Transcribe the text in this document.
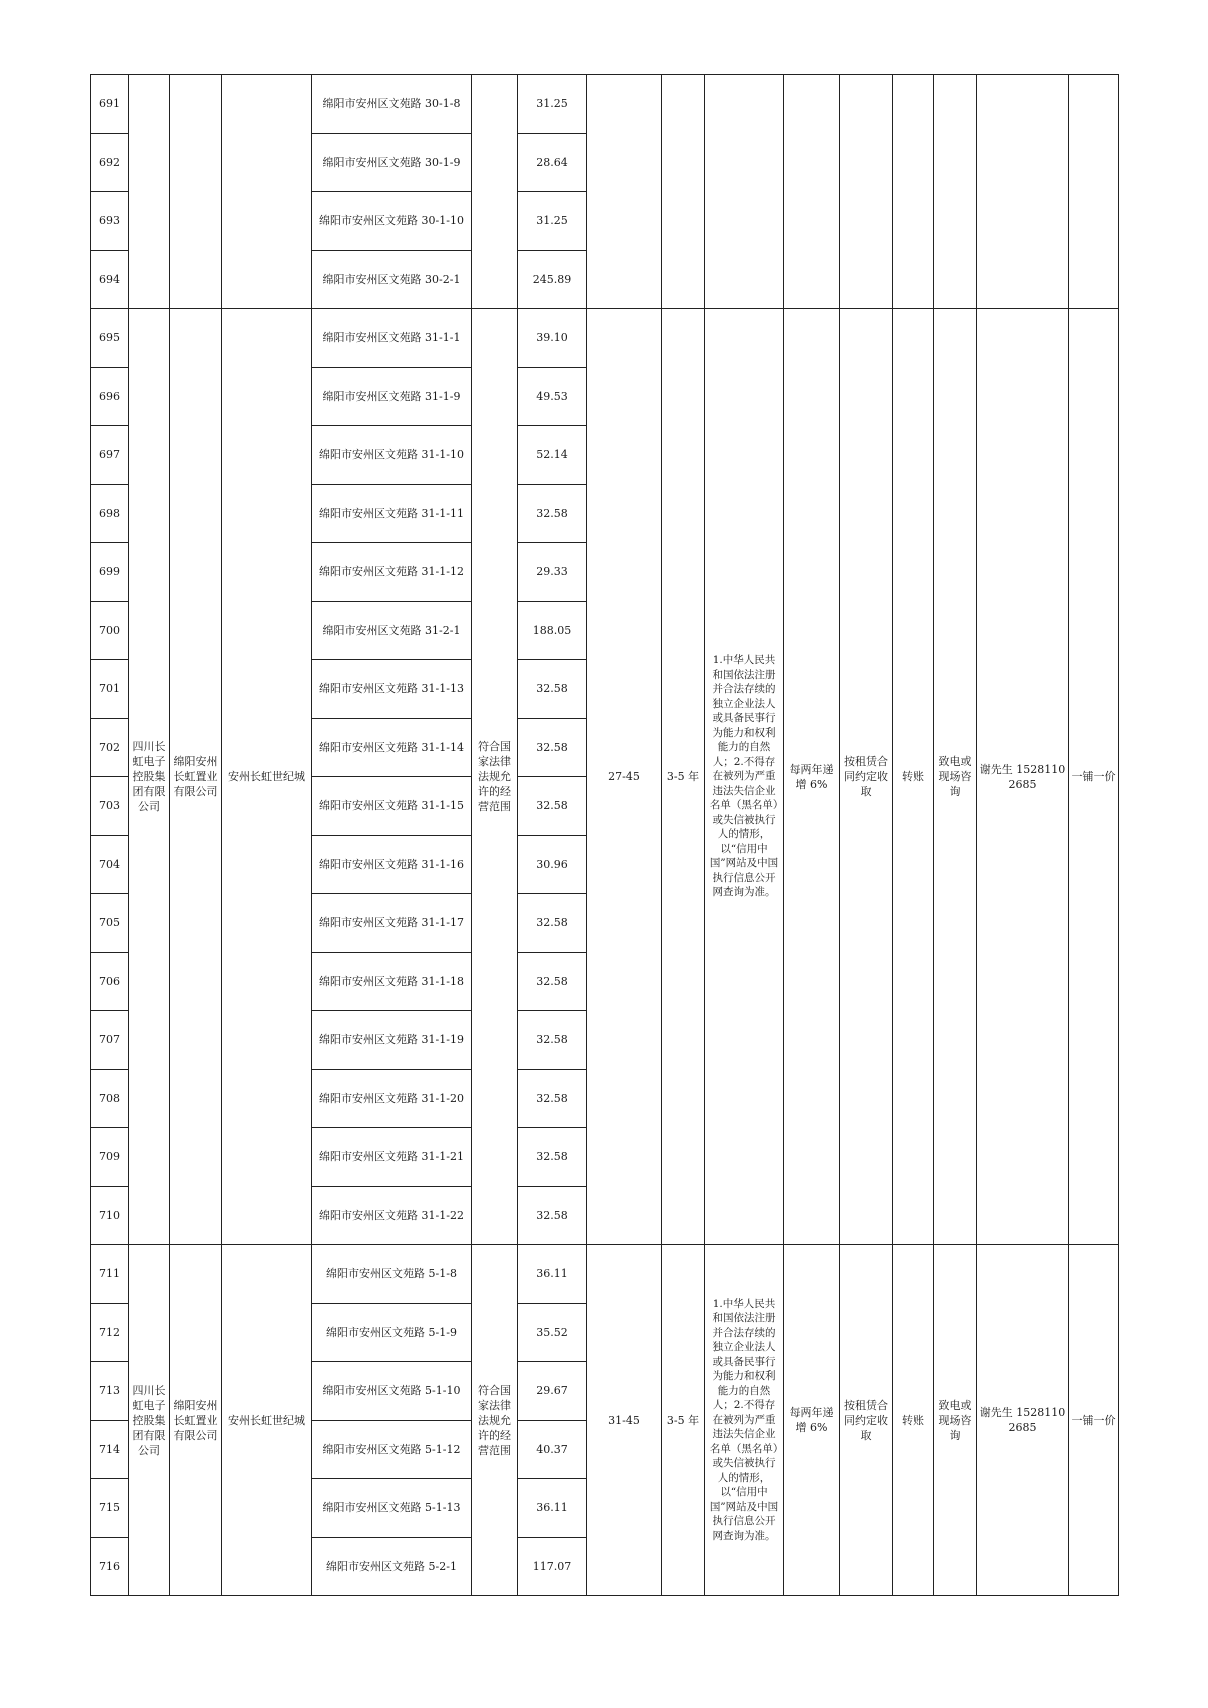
691				绵阳市安州区文苑路 30-1-8		31.25									
692				绵阳市安州区文苑路 30-1-9		28.64									
693				绵阳市安州区文苑路 30-1-10		31.25									
694				绵阳市安州区文苑路 30-2-1		245.89									
695	四川长虹电子控股集团有限公司	绵阳安州长虹置业有限公司	安州长虹世纪城	绵阳市安州区文苑路 31-1-1	符合国家法律法规允许的经营范围	39.10	27-45	3-5 年	1.中华人民共和国依法注册并合法存续的独立企业法人或具备民事行为能力和权利能力的自然人；2.不得存在被列为严重违法失信企业名单（黑名单）或失信被执行人的情形，以“信用中国”网站及中国执行信息公开网查询为准。	每两年递增 6%	按租赁合同约定收取	转账	致电或现场咨询	谢先生 15281102685	一铺一价
696				绵阳市安州区文苑路 31-1-9		49.53									
697				绵阳市安州区文苑路 31-1-10		52.14									
698				绵阳市安州区文苑路 31-1-11		32.58									
699				绵阳市安州区文苑路 31-1-12		29.33									
700				绵阳市安州区文苑路 31-2-1		188.05									
701				绵阳市安州区文苑路 31-1-13		32.58									
702				绵阳市安州区文苑路 31-1-14		32.58									
703				绵阳市安州区文苑路 31-1-15		32.58									
704				绵阳市安州区文苑路 31-1-16		30.96									
705				绵阳市安州区文苑路 31-1-17		32.58									
706				绵阳市安州区文苑路 31-1-18		32.58									
707				绵阳市安州区文苑路 31-1-19		32.58									
708				绵阳市安州区文苑路 31-1-20		32.58									
709				绵阳市安州区文苑路 31-1-21		32.58									
710				绵阳市安州区文苑路 31-1-22		32.58									
711	四川长虹电子控股集团有限公司	绵阳安州长虹置业有限公司	安州长虹世纪城	绵阳市安州区文苑路 5-1-8	符合国家法律法规允许的经营范围	36.11	31-45	3-5 年	1.中华人民共和国依法注册并合法存续的独立企业法人或具备民事行为能力和权利能力的自然人；2.不得存在被列为严重违法失信企业名单（黑名单）或失信被执行人的情形，以“信用中国”网站及中国执行信息公开网查询为准。	每两年递增 6%	按租赁合同约定收取	转账	致电或现场咨询	谢先生 15281102685	一铺一价
712				绵阳市安州区文苑路 5-1-9		35.52									
713				绵阳市安州区文苑路 5-1-10		29.67									
714				绵阳市安州区文苑路 5-1-12		40.37									
715				绵阳市安州区文苑路 5-1-13		36.11									
716				绵阳市安州区文苑路 5-2-1		117.07									
